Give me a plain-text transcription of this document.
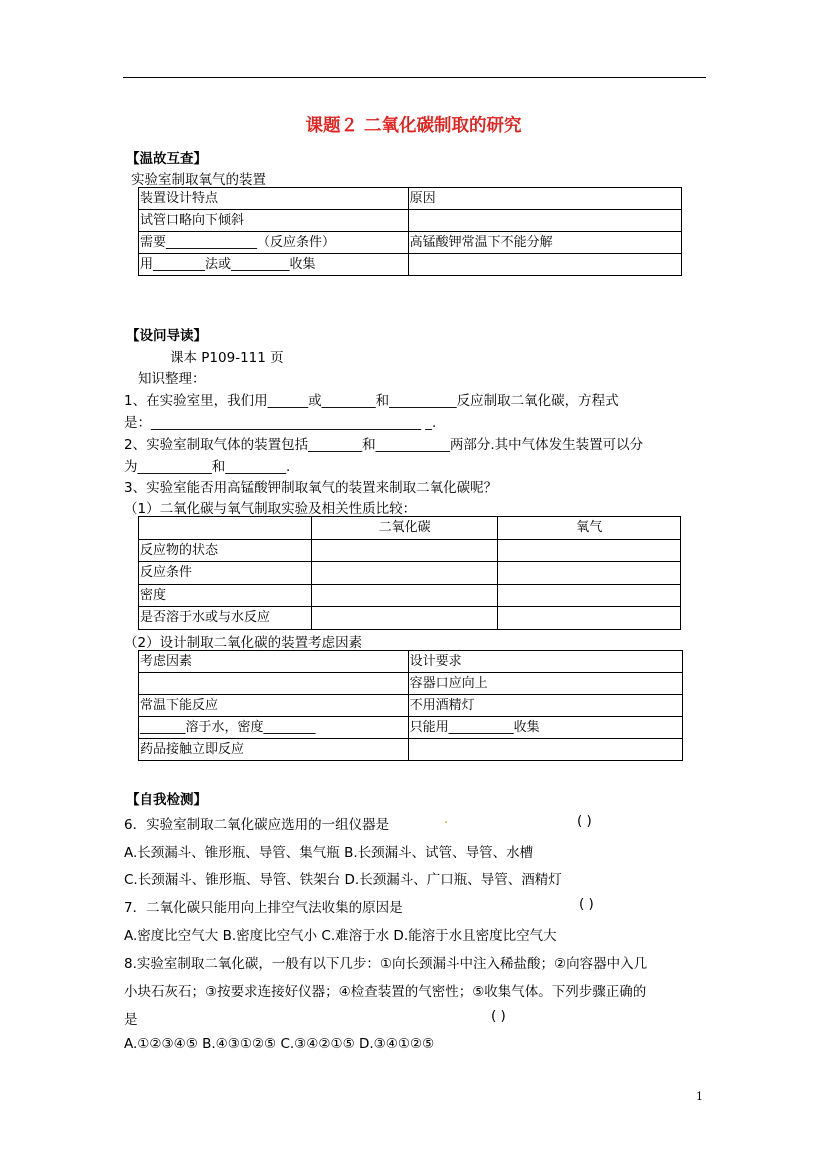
课题２ 二氧化碳制取的研究
【温故互查】
实验室制取氧气的装置
装置设计特点	原因
试管口略向下倾斜	
需要______________（反应条件）	高锰酸钾常温下不能分解
用________法或_________收集	
【设问导读】
课本 P109-111 页
知识整理：
1、在实验室里，我们用______或________和__________反应制取二氧化碳，方程式
是：________________________________________ _.
2、实验室制取气体的装置包括________和___________两部分.其中气体发生装置可以分
为___________和_________.
3、实验室能否用高锰酸钾制取氧气的装置来制取二氧化碳呢？
（1）二氧化碳与氧气制取实验及相关性质比较：
	二氧化碳	氧气
反应物的状态		
反应条件		
密度		
是否溶于水或与水反应		
（2）设计制取二氧化碳的装置考虑因素
考虑因素	设计要求
	容器口应向上
常温下能反应	不用酒精灯
_______溶于水，密度________	只能用__________收集
药品接触立即反应	
【自我检测】
6．实验室制取二氧化碳应选用的一组仪器是	.	( )
A.长颈漏斗、锥形瓶、导管、集气瓶 B.长颈漏斗、试管、导管、水槽
C.长颈漏斗、锥形瓶、导管、铁架台 D.长颈漏斗、广口瓶、导管、酒精灯
7．二氧化碳只能用向上排空气法收集的原因是	( )
A.密度比空气大 B.密度比空气小 C.难溶于水 D.能溶于水且密度比空气大
8.实验室制取二氧化碳，一般有以下几步：①向长颈漏斗中注入稀盐酸；②向容器中入几
小块石灰石；③按要求连接好仪器；④检查装置的气密性；⑤收集气体。下列步骤正确的
是	( )
A.①②③④⑤ B.④③①②⑤ C.③④②①⑤ D.③④①②⑤
1
